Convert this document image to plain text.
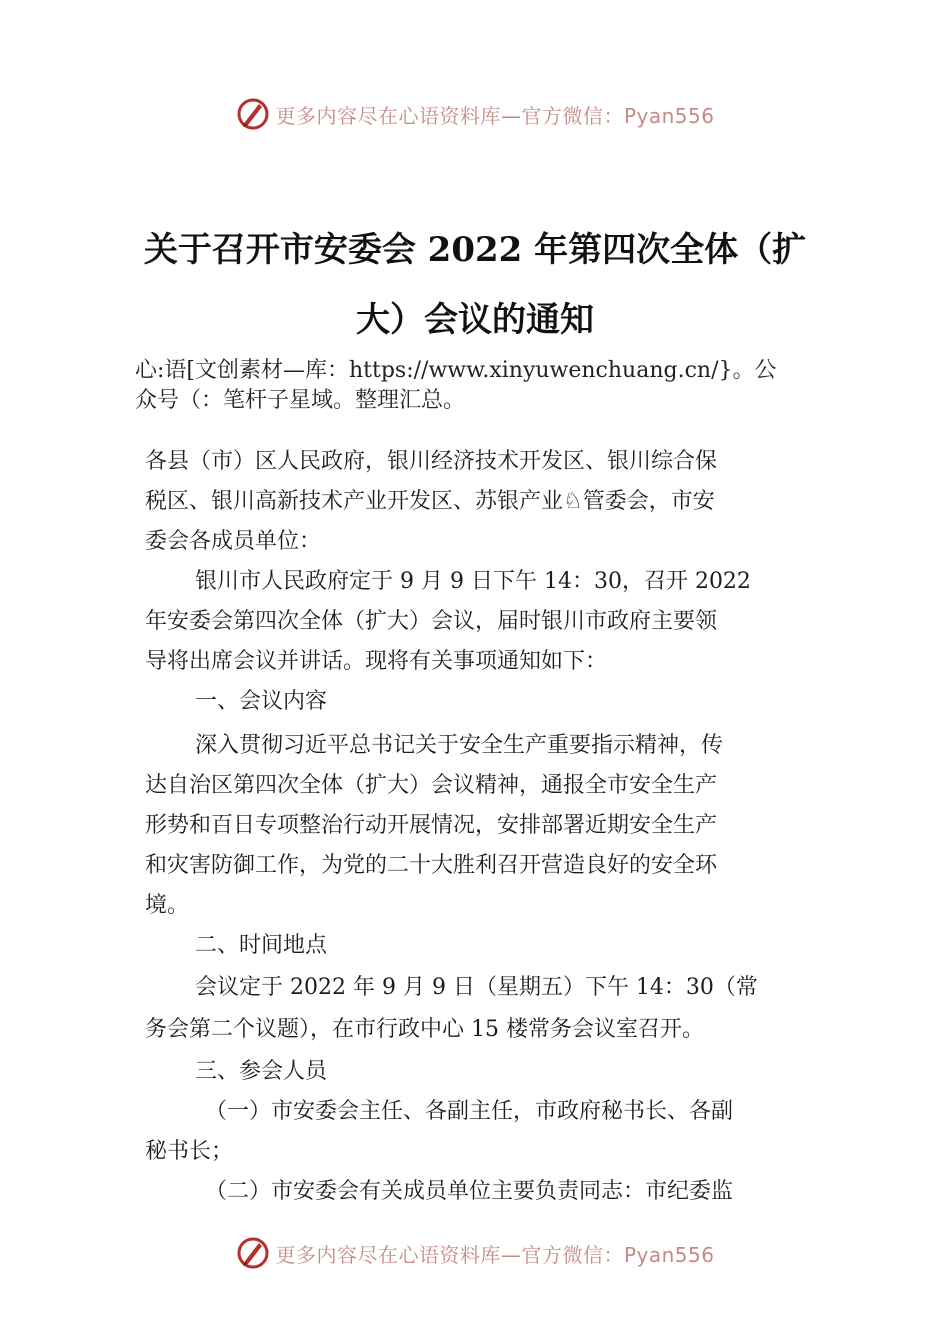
更多内容尽在心语资料库—官方微信：Pyan556
关于召开市安委会 2022 年第四次全体（扩
大）会议的通知
心:语[文创素材—库：https://www.xinyuwenchuang.cn/}。公
众号（：笔杆子星域。整理汇总。
各县（市）区人民政府，银川经济技术开发区、银川综合保
税区、银川高新技术产业开发区、苏银产业♘管委会，市安
委会各成员单位：
银川市人民政府定于 9 月 9 日下午 14：30，召开 2022
年安委会第四次全体（扩大）会议，届时银川市政府主要领
导将出席会议并讲话。现将有关事项通知如下：
一、会议内容
深入贯彻习近平总书记关于安全生产重要指示精神，传
达自治区第四次全体（扩大）会议精神，通报全市安全生产
形势和百日专项整治行动开展情况，安排部署近期安全生产
和灾害防御工作，为党的二十大胜利召开营造良好的安全环
境。
二、时间地点
会议定于 2022 年 9 月 9 日（星期五）下午 14：30（常
务会第二个议题），在市行政中心 15 楼常务会议室召开。
三、参会人员
（一）市安委会主任、各副主任，市政府秘书长、各副
秘书长；
（二）市安委会有关成员单位主要负责同志：市纪委监
更多内容尽在心语资料库—官方微信：Pyan556
